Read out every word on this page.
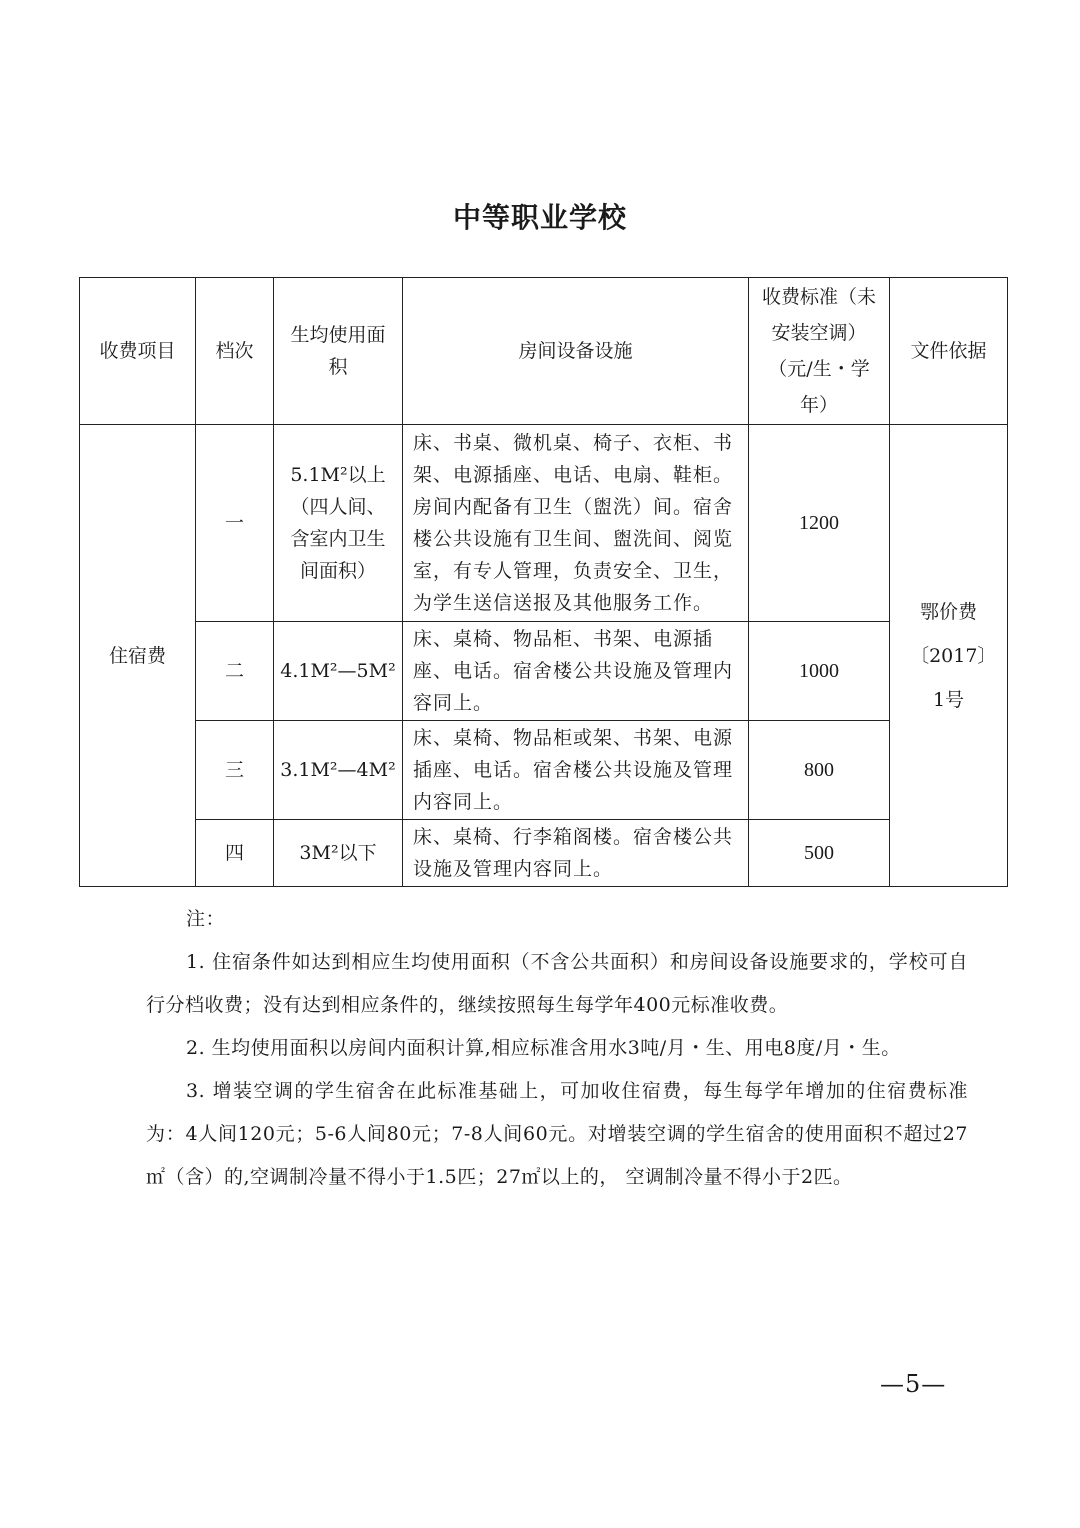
中等职业学校
收费项目	档次	生均使用面积	房间设备设施	收费标准（未安装空调）（元/生・学年）	文件依据
住宿费	一	5.1M²以上（四人间、含室内卫生间面积）	床、书桌、微机桌、椅子、衣柜、书架、电源插座、电话、电扇、鞋柜。房间内配备有卫生（盥洗）间。宿舍楼公共设施有卫生间、盥洗间、阅览室，有专人管理，负责安全、卫生，为学生送信送报及其他服务工作。	1200	鄂价费〔2017〕1号
	二	4.1M²—5M²	床、桌椅、物品柜、书架、电源插座、电话。宿舍楼公共设施及管理内容同上。	1000	
	三	3.1M²—4M²	床、桌椅、物品柜或架、书架、电源插座、电话。宿舍楼公共设施及管理内容同上。	800	
	四	3M²以下	床、桌椅、行李箱阁楼。宿舍楼公共设施及管理内容同上。	500	

注：

1. 住宿条件如达到相应生均使用面积（不含公共面积）和房间设备设施要求的，学校可自行分档收费；没有达到相应条件的，继续按照每生每学年400元标准收费。

2. 生均使用面积以房间内面积计算,相应标准含用水3吨/月・生、用电8度/月・生。

3. 增装空调的学生宿舍在此标准基础上，可加收住宿费，每生每学年增加的住宿费标准为：4人间120元；5-6人间80元；7-8人间60元。对增装空调的学生宿舍的使用面积不超过27㎡（含）的,空调制冷量不得小于1.5匹；27㎡以上的， 空调制冷量不得小于2匹。

—5—
